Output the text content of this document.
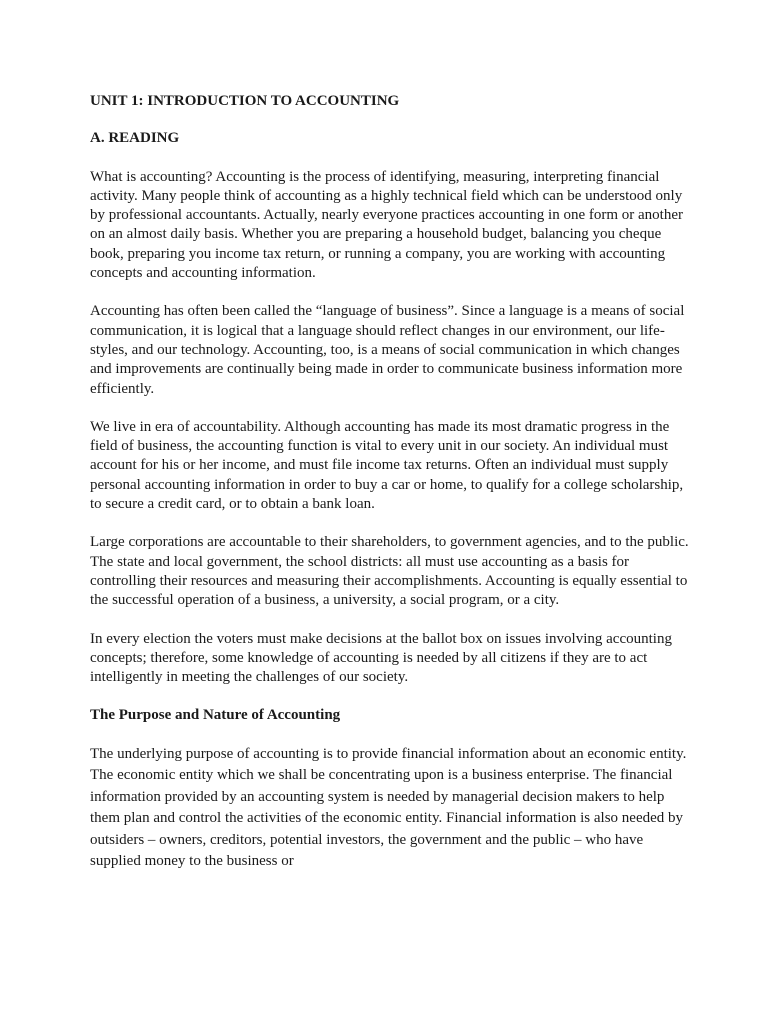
UNIT 1: INTRODUCTION TO ACCOUNTING
A. READING

What is accounting? Accounting is the process of identifying, measuring, interpreting financial activity. Many people think of accounting as a highly technical field which can be understood only by professional accountants. Actually, nearly everyone practices accounting in one form or another on an almost daily basis. Whether you are preparing a household budget, balancing you cheque book, preparing you income tax return, or running a company, you are working with accounting concepts and accounting information.

Accounting has often been called the “language of business”. Since a language is a means of social communication, it is logical that a language should reflect changes in our environment, our life-styles, and our technology. Accounting, too, is a means of social communication in which changes and improvements are continually being made in order to communicate business information more efficiently.

We live in era of accountability. Although accounting has made its most dramatic progress in the field of business, the accounting function is vital to every unit in our society. An individual must account for his or her income, and must file income tax returns. Often an individual must supply personal accounting information in order to buy a car or home, to qualify for a college scholarship, to secure a credit card, or to obtain a bank loan.

Large corporations are accountable to their shareholders, to government agencies, and to the public. The state and local government, the school districts: all must use accounting as a basis for controlling their resources and measuring their accomplishments. Accounting is equally essential to the successful operation of a business, a university, a social program, or a city.

In every election the voters must make decisions at the ballot box on issues involving accounting concepts; therefore, some knowledge of accounting is needed by all citizens if they are to act intelligently in meeting the challenges of our society.

The Purpose and Nature of Accounting

The underlying purpose of accounting is to provide financial information about an economic entity. The economic entity which we shall be concentrating upon is a business enterprise. The financial information provided by an accounting system is needed by managerial decision makers to help them plan and control the activities of the economic entity. Financial information is also needed by outsiders – owners, creditors, potential investors, the government and the public – who have supplied money to the business or
